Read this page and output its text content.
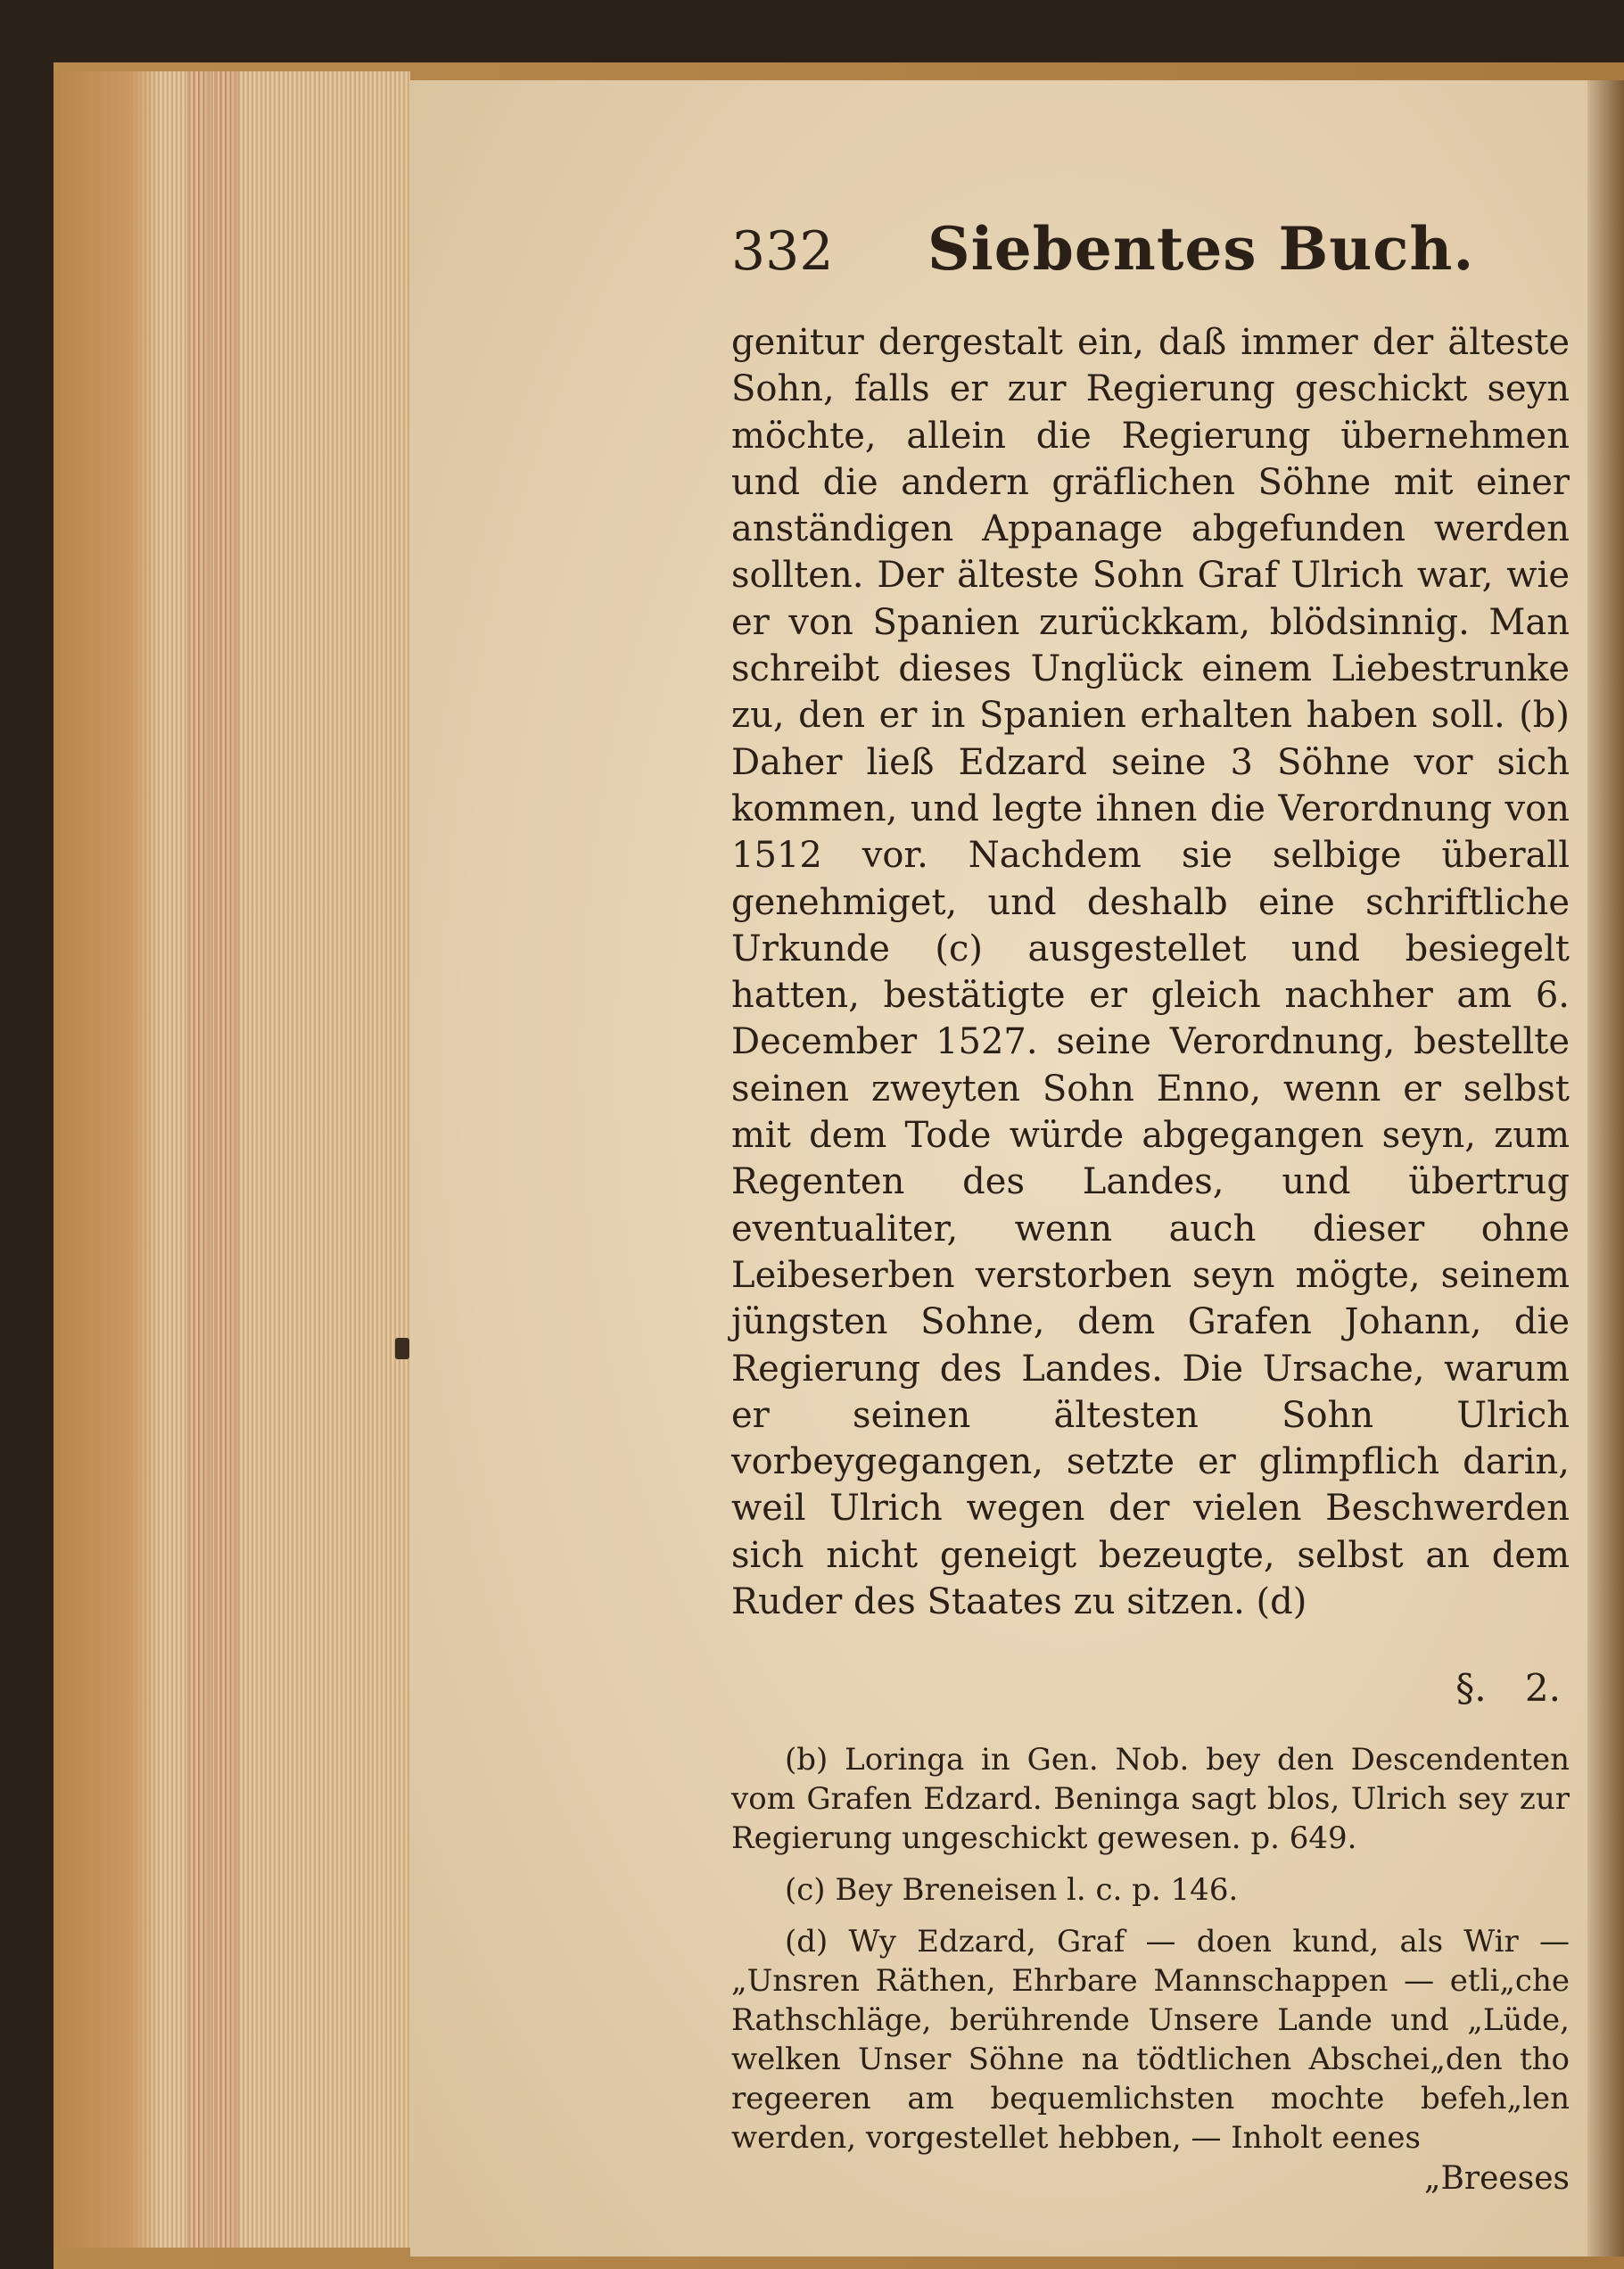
332	Siebentes Buch.

genitur dergestalt ein, daß immer der älteste Sohn, falls er zur Regierung geschickt seyn möchte, allein die Regierung übernehmen und die andern gräflichen Söhne mit einer anständigen Appanage abgefunden werden sollten. Der älteste Sohn Graf Ulrich war, wie er von Spanien zurückkam, blödsinnig. Man schreibt dieses Unglück einem Liebestrunke zu, den er in Spanien erhalten haben soll. (b) Daher ließ Edzard seine 3 Söhne vor sich kommen, und legte ihnen die Verordnung von 1512 vor. Nachdem sie selbige überall genehmiget, und deshalb eine schriftliche Urkunde (c) ausgestellet und besiegelt hatten, bestätigte er gleich nachher am 6. December 1527. seine Verordnung, bestellte seinen zweyten Sohn Enno, wenn er selbst mit dem Tode würde abgegangen seyn, zum Regenten des Landes, und übertrug eventualiter, wenn auch dieser ohne Leibeserben verstorben seyn mögte, seinem jüngsten Sohne, dem Grafen Johann, die Regierung des Landes. Die Ursache, warum er seinen ältesten Sohn Ulrich vorbeygegangen, setzte er glimpflich darin, weil Ulrich wegen der vielen Beschwerden sich nicht geneigt bezeugte, selbst an dem Ruder des Staates zu sitzen. (d)

§. 2.

(b) Loringa in Gen. Nob. bey den Descendenten vom Grafen Edzard. Beninga sagt blos, Ulrich sey zur Regierung ungeschickt gewesen. p. 649.

(c) Bey Breneisen l. c. p. 146.

(d) Wy Edzard, Graf — doen kund, als Wir — „Unsren Räthen, Ehrbare Mannschappen — etli„che Rathschläge, berührende Unsere Lande und „Lüde, welken Unser Söhne na tödtlichen Abschei„den tho regeeren am bequemlichsten mochte befeh„len werden, vorgestellet hebben, — Inholt eenes

„Breeses
